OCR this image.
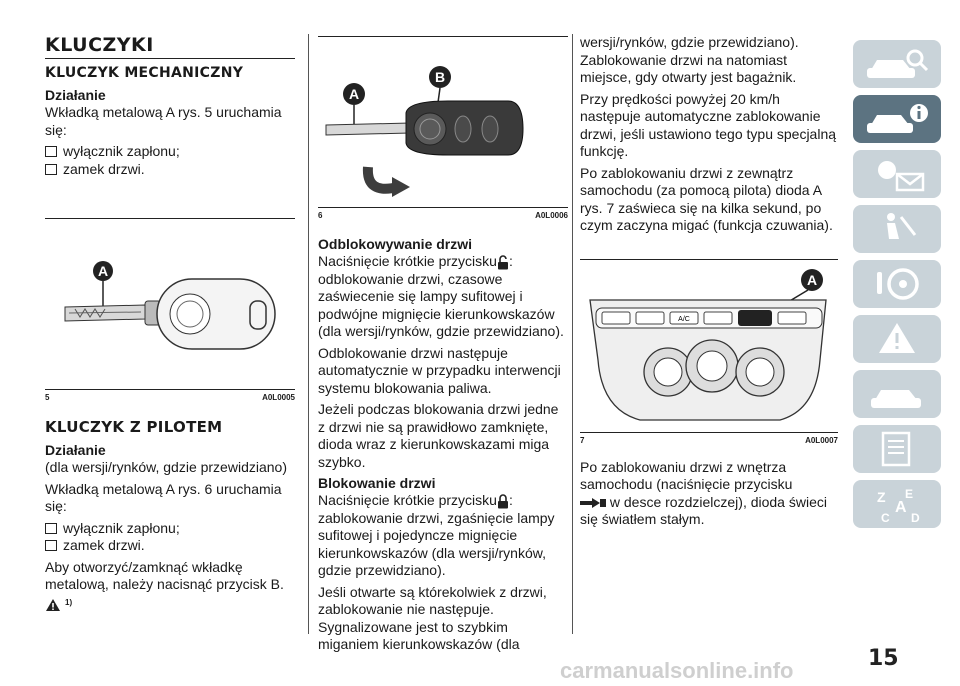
KLUCZYKI
KLUCZYK MECHANICZNY
Działanie

Wkładką metalową A rys. 5 uruchamia się:

wyłącznik zapłonu;
zamek drzwi.
A
5	A0L0005
KLUCZYK Z PILOTEM
Działanie

(dla wersji/rynków, gdzie przewidziano)

Wkładką metalową A rys. 6 uruchamia się:

wyłącznik zapłonu;
zamek drzwi.

Aby otworzyć/zamknąć wkładkę metalową, należy nacisnąć przycisk B.

1)
A
B
6	A0L0006
Odblokowywanie drzwi

Naciśnięcie krótkie przycisku : odblokowanie drzwi, czasowe zaświecenie się lampy sufitowej i podwójne mignięcie kierunkowskazów (dla wersji/rynków, gdzie przewidziano).

Odblokowanie drzwi następuje automatycznie w przypadku interwencji systemu blokowania paliwa.

Jeżeli podczas blokowania drzwi jedne z drzwi nie są prawidłowo zamknięte, dioda wraz z kierunkowskazami miga szybko.

Blokowanie drzwi

Naciśnięcie krótkie przycisku : zablokowanie drzwi, zgaśnięcie lampy sufitowej i pojedyncze mignięcie kierunkowskazów (dla wersji/rynków, gdzie przewidziano).

Jeśli otwarte są którekolwiek z drzwi, zablokowanie nie następuje. Sygnalizowane jest to szybkim miganiem kierunkowskazów (dla

wersji/rynków, gdzie przewidziano). Zablokowanie drzwi na natomiast miejsce, gdy otwarty jest bagażnik.

Przy prędkości powyżej 20 km/h następuje automatyczne zablokowanie drzwi, jeśli ustawiono tego typu specjalną funkcję.

Po zablokowaniu drzwi z zewnątrz samochodu (za pomocą pilota) dioda A rys. 7 zaświeca się na kilka sekund, po czym zaczyna migać (funkcja czuwania).

A
A/C
7	A0L0007

Po zablokowaniu drzwi z wnętrza samochodu (naciśnięcie przycisku
w desce rozdzielczej), dioda świeci się światłem stałym.

Z E
A
C D
15
carmanualsonline.info
